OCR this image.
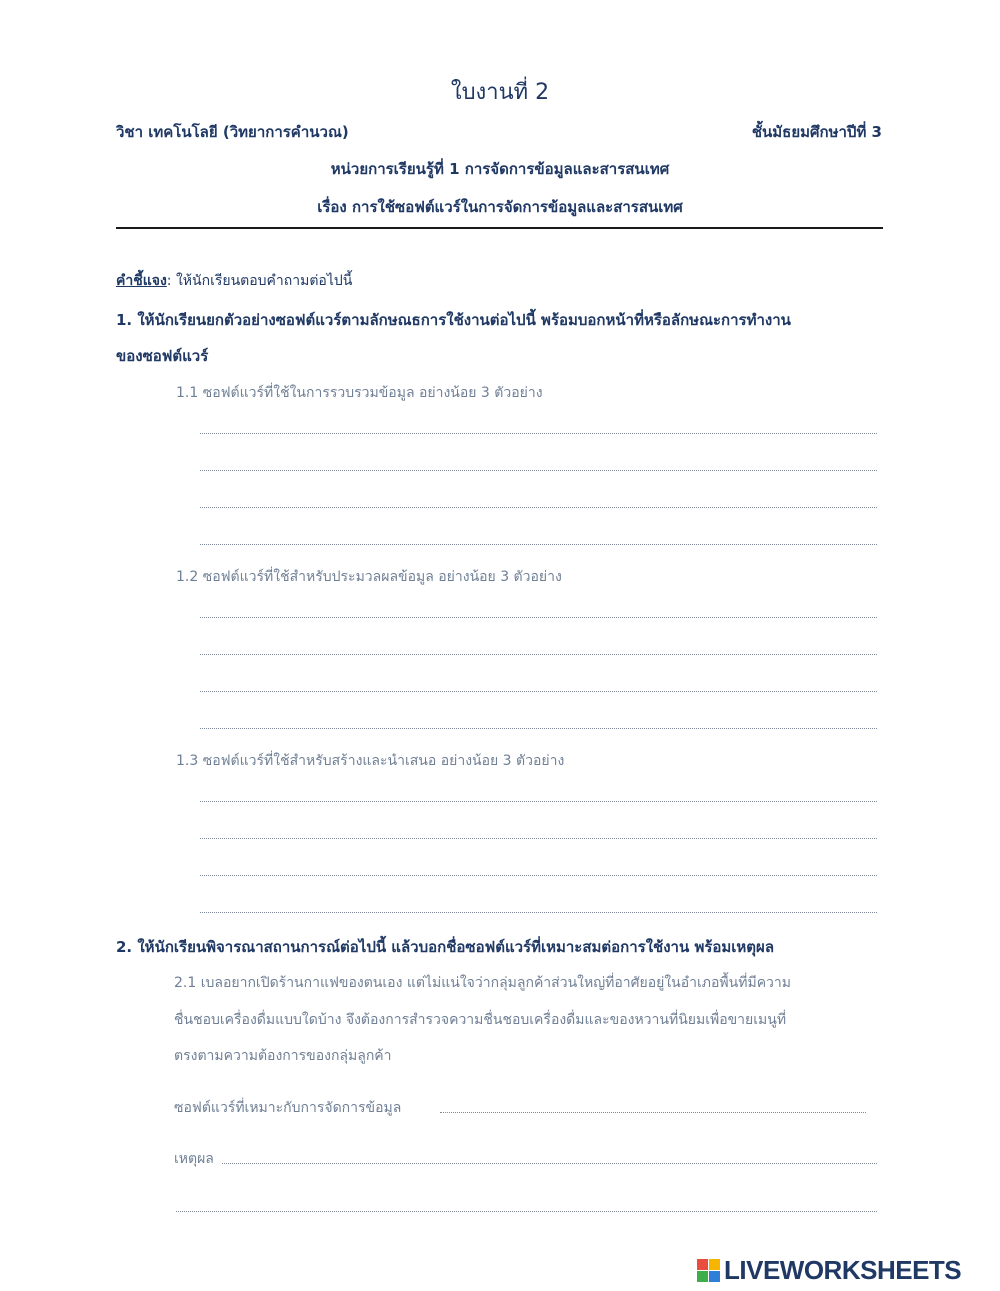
ใบงานที่ 2
วิชา เทคโนโลยี (วิทยาการคำนวณ)	ชั้นมัธยมศึกษาปีที่ 3
หน่วยการเรียนรู้ที่ 1 การจัดการข้อมูลและสารสนเทศ
เรื่อง การใช้ซอฟต์แวร์ในการจัดการข้อมูลและสารสนเทศ
คำชี้แจง: ให้นักเรียนตอบคำถามต่อไปนี้
1. ให้นักเรียนยกตัวอย่างซอฟต์แวร์ตามลักษณธการใช้งานต่อไปนี้ พร้อมบอกหน้าที่หรือลักษณะการทำงาน
ของซอฟต์แวร์
1.1 ซอฟต์แวร์ที่ใช้ในการรวบรวมข้อมูล อย่างน้อย 3 ตัวอย่าง
1.2 ซอฟต์แวร์ที่ใช้สำหรับประมวลผลข้อมูล อย่างน้อย 3 ตัวอย่าง
1.3 ซอฟต์แวร์ที่ใช้สำหรับสร้างและนำเสนอ อย่างน้อย 3 ตัวอย่าง
2. ให้นักเรียนพิจารณาสถานการณ์ต่อไปนี้ แล้วบอกชื่อซอฟต์แวร์ที่เหมาะสมต่อการใช้งาน พร้อมเหตุผล
2.1 เบลอยากเปิดร้านกาแฟของตนเอง แต่ไม่แน่ใจว่ากลุ่มลูกค้าส่วนใหญ่ที่อาศัยอยู่ในอำเภอพื้นที่มีความ
ชื่นชอบเครื่องดื่มแบบใดบ้าง จึงต้องการสำรวจความชื่นชอบเครื่องดื่มและของหวานที่นิยมเพื่อขายเมนูที่
ตรงตามความต้องการของกลุ่มลูกค้า
ซอฟต์แวร์ที่เหมาะกับการจัดการข้อมูล
เหตุผล
LIVEWORKSHEETS
